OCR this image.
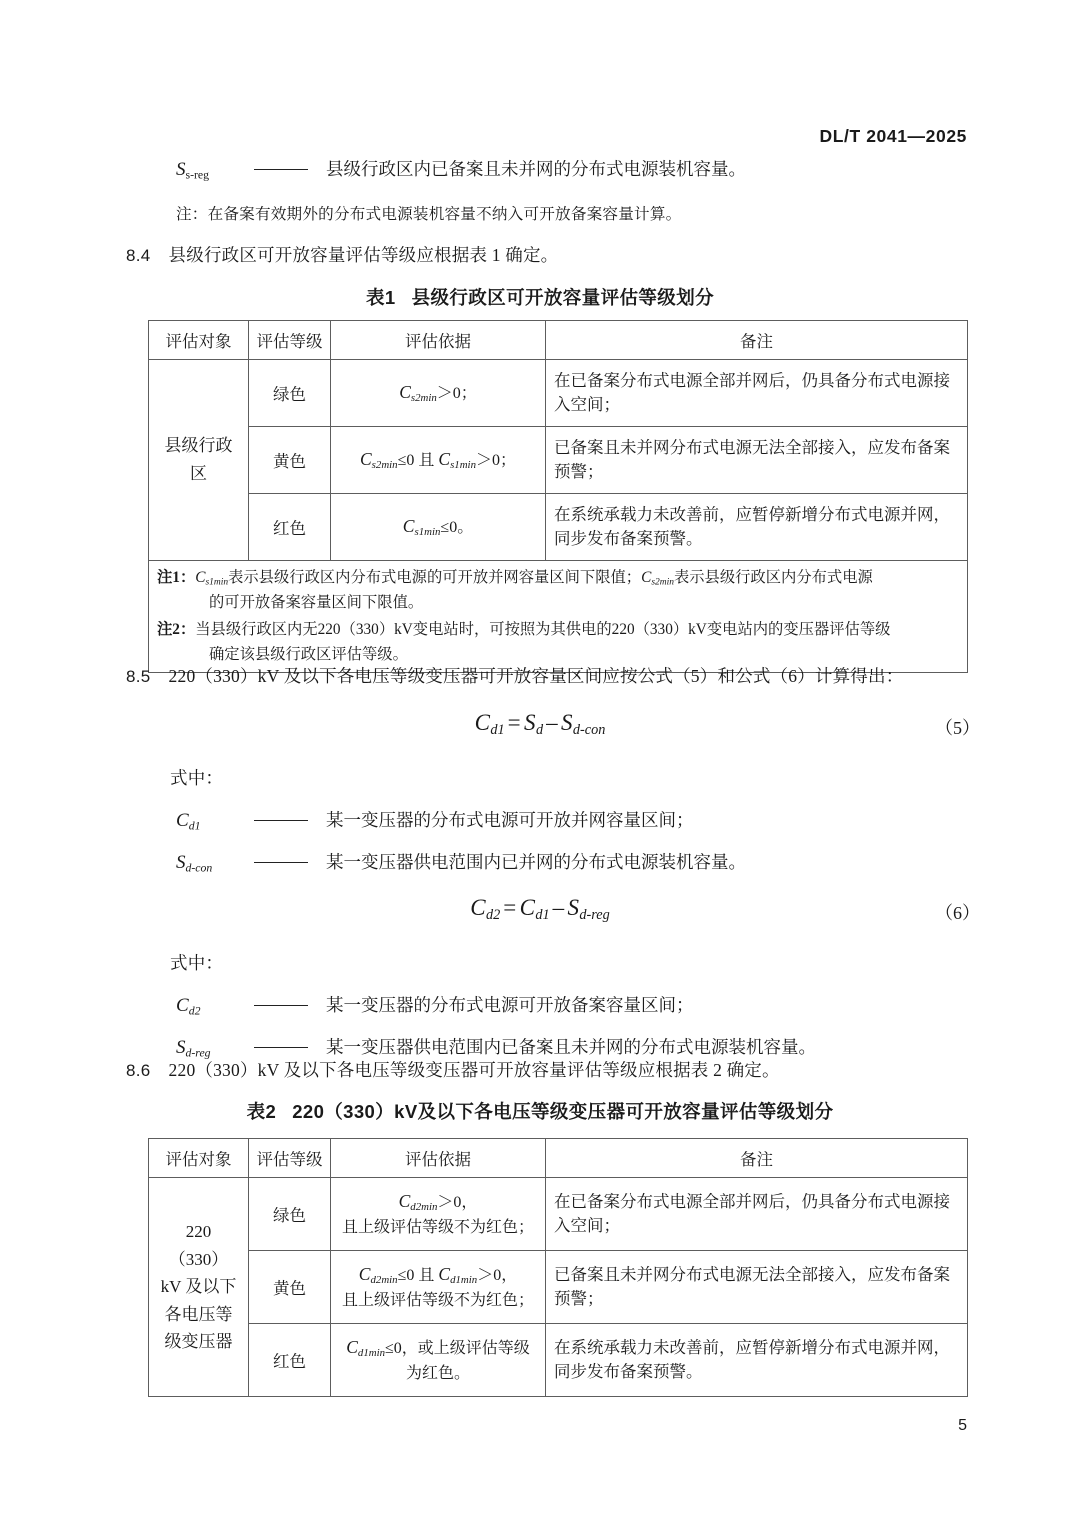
DL/T 2041—2025
$S_{s-reg}$	县级行政区内已备案且未并网的分布式电源装机容量。
注：在备案有效期外的分布式电源装机容量不纳入可开放备案容量计算。
8.4 县级行政区可开放容量评估等级应根据表 1 确定。
表1 县级行政区可开放容量评估等级划分
评估对象	评估等级	评估依据	备注
县级行政区	绿色	$C_{s2min}>0$；	在已备案分布式电源全部并网后，仍具备分布式电源接入空间；
	黄色	$C_{s2min}\le 0$ 且 $C_{s1min}>0$；	已备案且未并网分布式电源无法全部接入，应发布备案预警；
	红色	$C_{s1min}\le 0$。	在系统承载力未改善前，应暂停新增分布式电源并网，同步发布备案预警。

注1：$C_{s1min}$表示县级行政区内分布式电源的可开放并网容量区间下限值；$C_{s2min}$表示县级行政区内分布式电源
的可开放备案容量区间下限值。

注2：当县级行政区内无220（330）kV变电站时，可按照为其供电的220（330）kV变电站内的变压器评估等级
确定该县级行政区评估等级。			

8.5 220（330）kV 及以下各电压等级变压器可开放容量区间应按公式（5）和公式（6）计算得出：
$C_{d1} = S_d - S_{d-con}$	（5）
式中：
$C_{d1}$	某一变压器的分布式电源可开放并网容量区间；
$S_{d-con}$	某一变压器供电范围内已并网的分布式电源装机容量。
$C_{d2} = C_{d1} - S_{d-reg}$	（6）
式中：
$C_{d2}$	某一变压器的分布式电源可开放备案容量区间；
$S_{d-reg}$	某一变压器供电范围内已备案且未并网的分布式电源装机容量。
8.6 220（330）kV 及以下各电压等级变压器可开放容量评估等级应根据表 2 确定。
表2 220（330）kV及以下各电压等级变压器可开放容量评估等级划分
评估对象	评估等级	评估依据	备注
220（330）
kV 及以下
各电压等
级变压器	绿色	$C_{d2min}>0$，
且上级评估等级不为红色；	在已备案分布式电源全部并网后，仍具备分布式电源接入空间；
	黄色	$C_{d2min}\le 0$ 且 $C_{d1min}>0$，
且上级评估等级不为红色；	已备案且未并网分布式电源无法全部接入，应发布备案预警；
	红色	$C_{d1min}\le 0$，或上级评估等级
为红色。	在系统承载力未改善前，应暂停新增分布式电源并网，同步发布备案预警。
5
